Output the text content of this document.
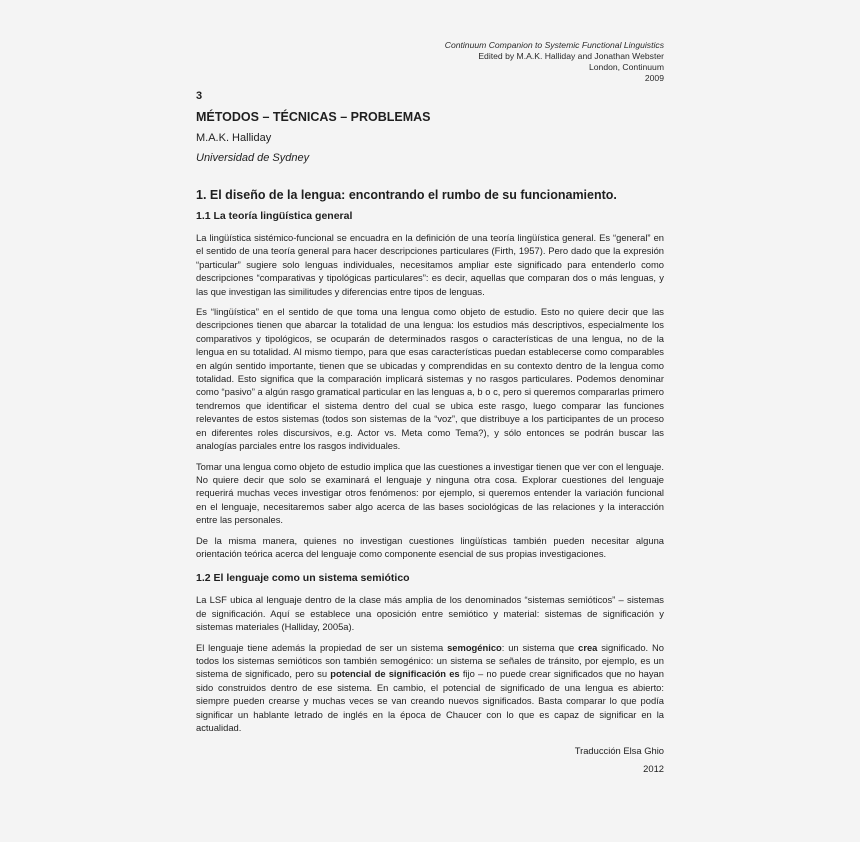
Continuum Companion to Systemic Functional Linguistics
Edited by M.A.K. Halliday and Jonathan Webster
London, Continuum
2009
3
MÉTODOS – TÉCNICAS – PROBLEMAS
M.A.K. Halliday
Universidad de Sydney
1. El diseño de la lengua: encontrando el rumbo de su funcionamiento.
1.1 La teoría lingüística general

La lingüística sistémico-funcional se encuadra en la definición de una teoría lingüística general. Es “general” en el sentido de una teoría general para hacer descripciones particulares (Firth, 1957). Pero dado que la expresión “particular” sugiere solo lenguas individuales, necesitamos ampliar este significado para entenderlo como descripciones “comparativas y tipológicas particulares”: es decir, aquellas que comparan dos o más lenguas, y las que investigan las similitudes y diferencias entre tipos de lenguas.

Es “lingüística” en el sentido de que toma una lengua como objeto de estudio. Esto no quiere decir que las descripciones tienen que abarcar la totalidad de una lengua: los estudios más descriptivos, especialmente los comparativos y tipológicos, se ocuparán de determinados rasgos o características de una lengua, no de la lengua en su totalidad. Al mismo tiempo, para que esas características puedan establecerse como comparables en algún sentido importante, tienen que se ubicadas y comprendidas en su contexto dentro de la lengua como totalidad. Esto significa que la comparación implicará sistemas y no rasgos particulares. Podemos denominar como “pasivo” a algún rasgo gramatical particular en las lenguas a, b o c, pero si queremos compararlas primero tendremos que identificar el sistema dentro del cual se ubica este rasgo, luego comparar las funciones relevantes de estos sistemas (todos son sistemas de la “voz”, que distribuye a los participantes de un proceso en diferentes roles discursivos, e.g. Actor vs. Meta como Tema?), y sólo entonces se podrán buscar las analogías parciales entre los rasgos individuales.

Tomar una lengua como objeto de estudio implica que las cuestiones a investigar tienen que ver con el lenguaje. No quiere decir que solo se examinará el lenguaje y ninguna otra cosa. Explorar cuestiones del lenguaje requerirá muchas veces investigar otros fenómenos: por ejemplo, si queremos entender la variación funcional en el lenguaje, necesitaremos saber algo acerca de las bases sociológicas de las relaciones y la interacción entre las personales.

De la misma manera, quienes no investigan cuestiones lingüísticas también pueden necesitar alguna orientación teórica acerca del lenguaje como componente esencial de sus propias investigaciones.

1.2 El lenguaje como un sistema semiótico

La LSF ubica al lenguaje dentro de la clase más amplia de los denominados “sistemas semióticos” – sistemas de significación. Aquí se establece una oposición entre semiótico y material: sistemas de significación y sistemas materiales (Halliday, 2005a).

El lenguaje tiene además la propiedad de ser un sistema semogénico: un sistema que crea significado. No todos los sistemas semióticos son también semogénico: un sistema se señales de tránsito, por ejemplo, es un sistema de significado, pero su potencial de significación es fijo – no puede crear significados que no hayan sido construidos dentro de ese sistema. En cambio, el potencial de significado de una lengua es abierto: siempre pueden crearse y muchas veces se van creando nuevos significados. Basta comparar lo que podía significar un hablante letrado de inglés en la época de Chaucer con lo que es capaz de significar en la actualidad.

Traducción Elsa Ghio
2012
